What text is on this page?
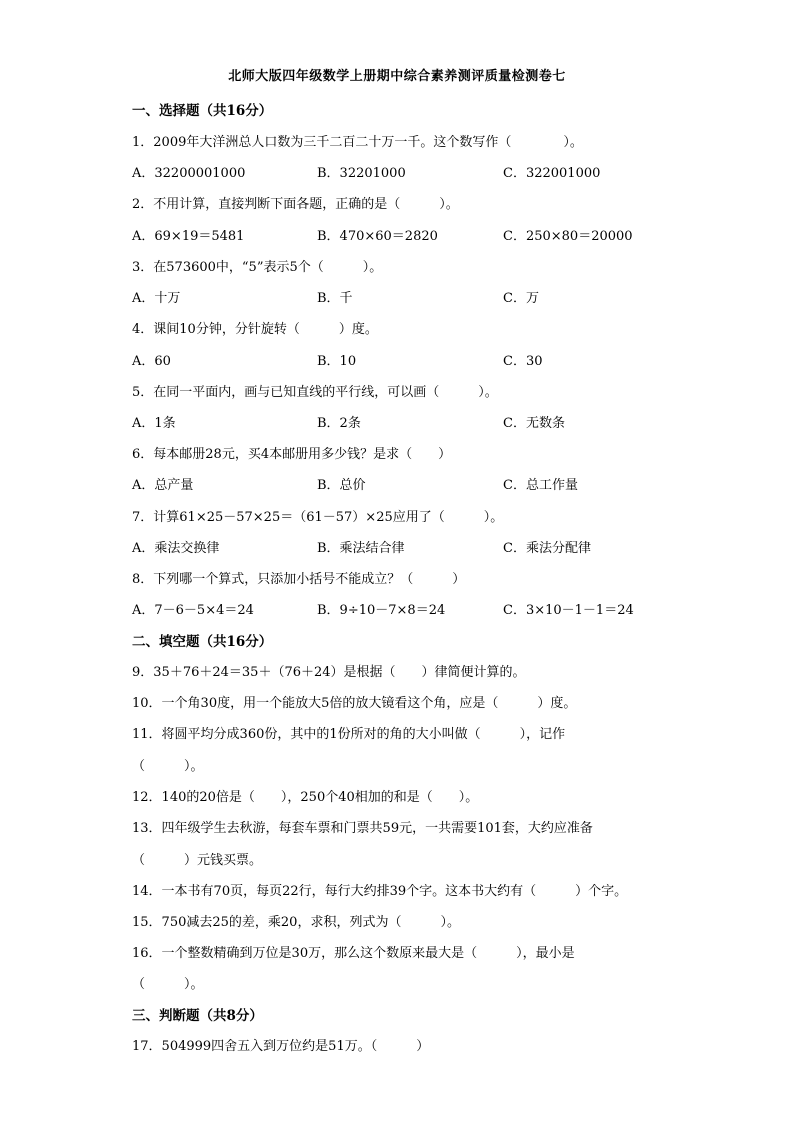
北师大版四年级数学上册期中综合素养测评质量检测卷七
一、选择题（共16分）
1．2009年大洋洲总人口数为三千二百二十万一千。这个数写作（　　　　）。
A．32200001000	B．32201000	C．322001000
2．不用计算，直接判断下面各题，正确的是（　　　）。
A．69×19＝5481	B．470×60＝2820	C．250×80＝20000
3．在573600中，“5”表示5个（　　　）。
A．十万	B．千	C．万
4．课间10分钟，分针旋转（　　　）度。
A．60	B．10	C．30
5．在同一平面内，画与已知直线的平行线，可以画（　　　）。
A．1条	B．2条	C．无数条
6．每本邮册28元，买4本邮册用多少钱？是求（　　）
A．总产量	B．总价	C．总工作量
7．计算61×25－57×25＝（61－57）×25应用了（　　　）。
A．乘法交换律	B．乘法结合律	C．乘法分配律
8．下列哪一个算式，只添加小括号不能成立？（　　　）
A．7－6－5×4＝24	B．9÷10－7×8＝24	C．3×10－1－1＝24
二、填空题（共16分）
9．35＋76＋24＝35＋（76＋24）是根据（　　）律简便计算的。
10．一个角30度，用一个能放大5倍的放大镜看这个角，应是（　　　）度。
11．将圆平均分成360份，其中的1份所对的角的大小叫做（　　　），记作
（　　　）。
12．140的20倍是（　　），250个40相加的和是（　　）。
13．四年级学生去秋游，每套车票和门票共59元，一共需要101套，大约应准备
（　　　）元钱买票。
14．一本书有70页，每页22行，每行大约排39个字。这本书大约有（　　　）个字。
15．750减去25的差，乘20，求积，列式为（　　　）。
16．一个整数精确到万位是30万，那么这个数原来最大是（　　　），最小是
（　　　）。
三、判断题（共8分）
17．504999四舍五入到万位约是51万。（　　　）
